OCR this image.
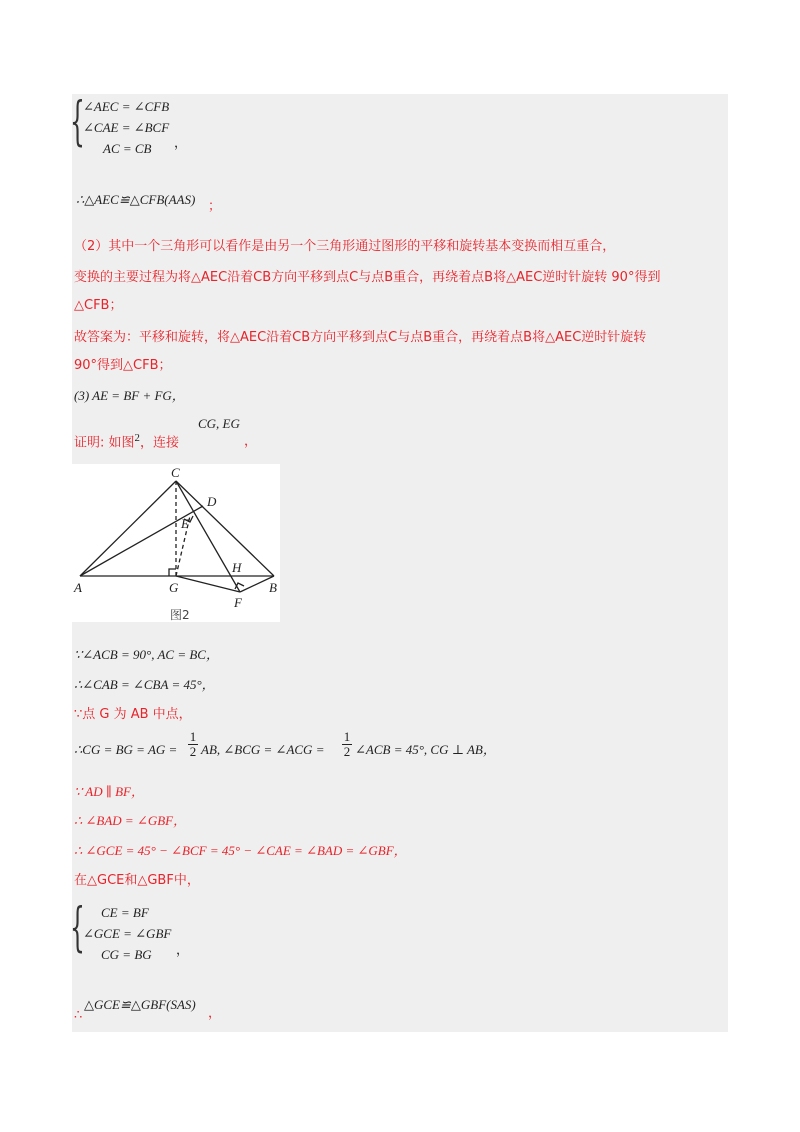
{
∠AEC = ∠CFB
∠CAE = ∠BCF
AC = CB	，
∴△AEC≌△CFB(AAS) ；
（2）其中一个三角形可以看作是由另一个三角形通过图形的平移和旋转基本变换而相互重合，
变换的主要过程为将△AEC沿着CB方向平移到点C与点B重合，再绕着点B将△AEC逆时针旋转 90°得到
△CFB；
故答案为：平移和旋转，将△AEC沿着CB方向平移到点C与点B重合，再绕着点B将△AEC逆时针旋转
90°得到△CFB；
(3) AE = BF + FG，
证明: 如图$^2$，连接
CG, EG
，
C
D
E
A	G
H
B
F
图2
∵∠ACB = 90°, AC = BC，
∴∠CAB = ∠CBA = 45°，
∵点 G 为 AB 中点，
∴CG = BG = AG = $\frac{1}{2}$ AB, ∠BCG = ∠ACG = $\frac{1}{2}$ ∠ACB = 45°, CG ⊥ AB，
∵ AD ∥ BF，
∴ ∠BAD = ∠GBF，
∴ ∠GCE = 45° − ∠BCF = 45° − ∠CAE = ∠BAD = ∠GBF，
在△GCE和△GBF中，
{	CE = BF
∠GCE = ∠GBF
CG = BG	，
△GCE≌△GBF(SAS)
∴	，
